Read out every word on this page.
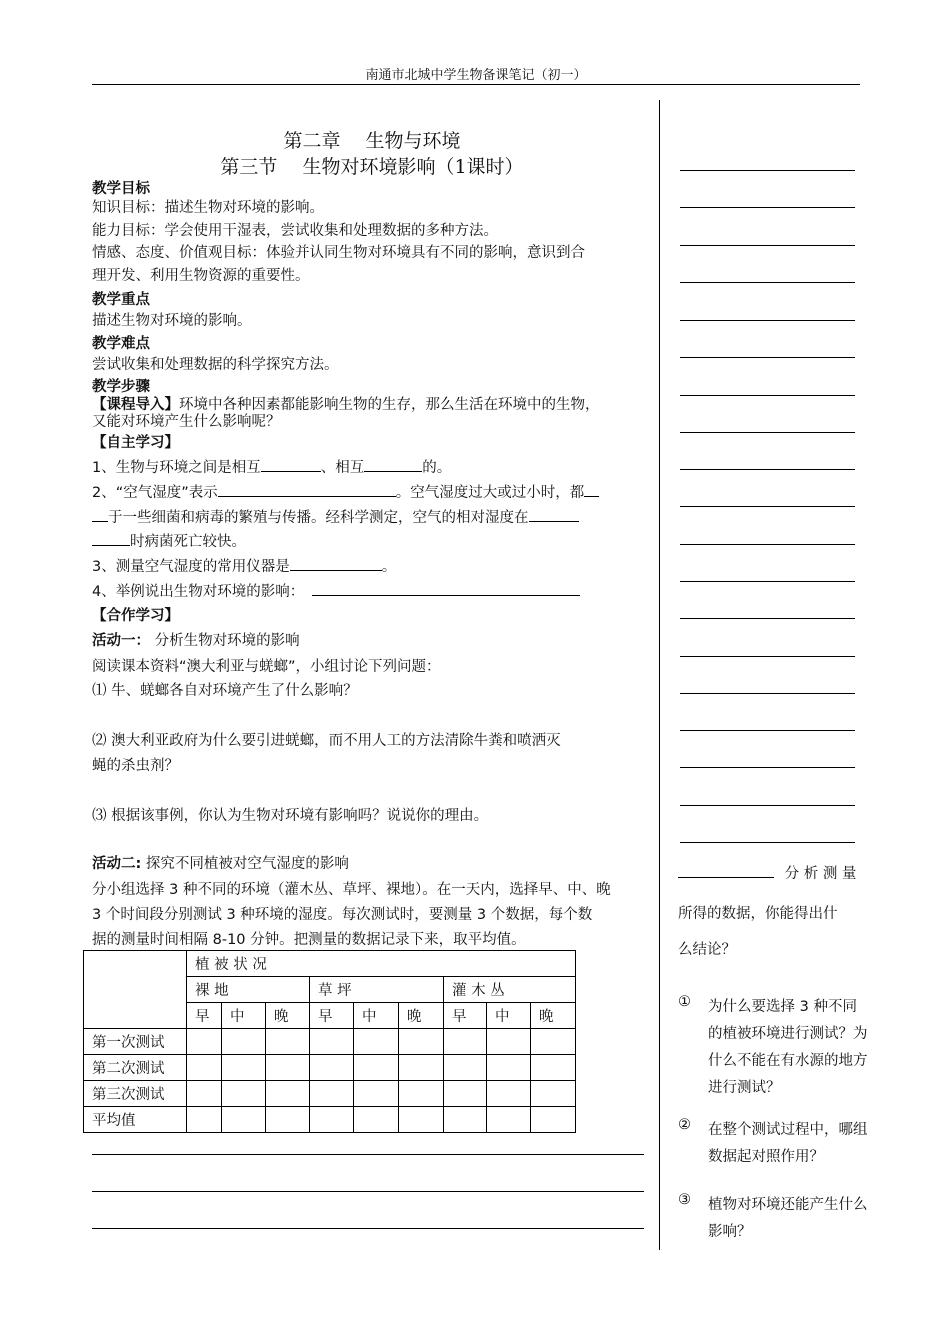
南通市北城中学生物备课笔记（初一）
第二章　 生物与环境
第三节　 生物对环境影响（1课时）
教学目标
知识目标：描述生物对环境的影响。
能力目标：学会使用干湿表，尝试收集和处理数据的多种方法。
情感、态度、价值观目标：体验并认同生物对环境具有不同的影响，意识到合
理开发、利用生物资源的重要性。
教学重点
描述生物对环境的影响。
教学难点
尝试收集和处理数据的科学探究方法。
教学步骤
【课程导入】环境中各种因素都能影响生物的生存，那么生活在环境中的生物，
又能对环境产生什么影响呢？
【自主学习】
1、生物与环境之间是相互	、相互	的。
2、“空气湿度”表示	。空气湿度过大或过小时，都
于一些细菌和病毒的繁殖与传播。经科学测定，空气的相对湿度在
时病菌死亡较快。
3、测量空气湿度的常用仪器是	。
4、举例说出生物对环境的影响：
【合作学习】
活动一： 分析生物对环境的影响
阅读课本资料“澳大利亚与蜣螂”，小组讨论下列问题：
⑴ 牛、蜣螂各自对环境产生了什么影响？
⑵ 澳大利亚政府为什么要引进蜣螂，而不用人工的方法清除牛粪和喷洒灭
蝇的杀虫剂？
⑶ 根据该事例，你认为生物对环境有影响吗？说说你的理由。
活动二: 探究不同植被对空气湿度的影响
分小组选择 3 种不同的环境（灌木丛、草坪、裸地）。在一天内，选择早、中、晚
3 个时间段分别测试 3 种环境的湿度。每次测试时，要测量 3 个数据，每个数
据的测量时间相隔 8-10 分钟。把测量的数据记录下来，取平均值。
	植 被 状 况								
	裸 地			草 坪			灌 木 丛		
	早	中	晚	早	中	晚	早	中	晚
第一次测试									
第二次测试									
第三次测试									
平均值									
分 析 测 量
所得的数据，你能得出什
么结论？
① 为什么要选择 3 种不同的植被环境进行测试？为什么不能在有水源的地方进行测试？
② 在整个测试过程中，哪组数据起对照作用？
③ 植物对环境还能产生什么影响？
